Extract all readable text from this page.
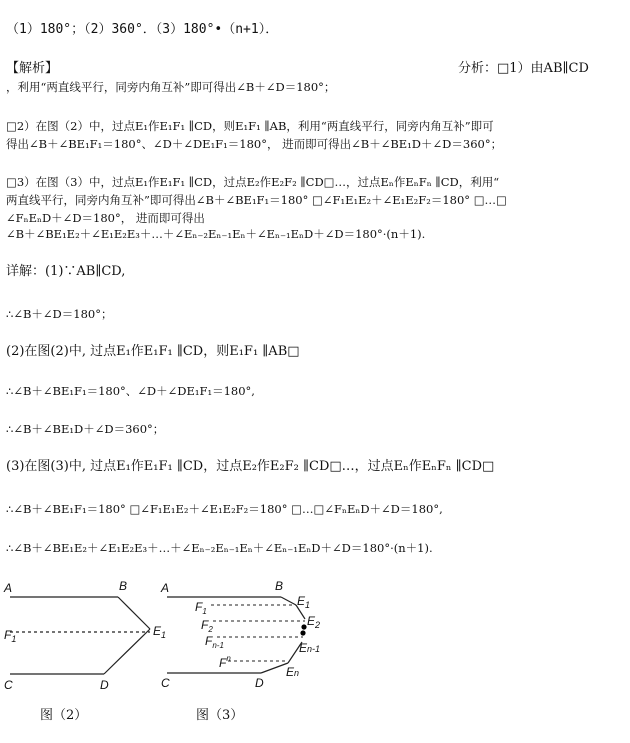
（1）180°；（2）360°．（3）180°•（n+1）．
【解析】	分析：□1）由AB∥CD
，利用“两直线平行，同旁内角互补”即可得出∠B＋∠D＝180°；
□2）在图（2）中，过点E₁作E₁F₁ ∥CD，则E₁F₁ ∥AB，利用“两直线平行，同旁内角互补”即可
得出∠B＋∠BE₁F₁＝180°、∠D＋∠DE₁F₁＝180°， 进而即可得出∠B＋∠BE₁D＋∠D＝360°；
□3）在图（3）中，过点E₁作E₁F₁ ∥CD，过点E₂作E₂F₂ ∥CD□…，过点Eₙ作EₙFₙ ∥CD，利用“
两直线平行，同旁内角互补”即可得出∠B＋∠BE₁F₁＝180° □∠F₁E₁E₂＋∠E₁E₂F₂＝180° □…□
∠FₙEₙD＋∠D＝180°， 进而即可得出
∠B＋∠BE₁E₂＋∠E₁E₂E₃＋…＋∠Eₙ₋₂Eₙ₋₁Eₙ＋∠Eₙ₋₁EₙD＋∠D＝180°·(n＋1).
详解：(1)∵AB∥CD,
∴∠B＋∠D＝180°；
(2)在图(2)中, 过点E₁作E₁F₁ ∥CD，则E₁F₁ ∥AB□
∴∠B＋∠BE₁F₁＝180°、∠D＋∠DE₁F₁＝180°,
∴∠B＋∠BE₁D＋∠D＝360°；
(3)在图(3)中, 过点E₁作E₁F₁ ∥CD，过点E₂作E₂F₂ ∥CD□…，过点Eₙ作EₙFₙ ∥CD□
∴∠B＋∠BE₁F₁＝180° □∠F₁E₁E₂＋∠E₁E₂F₂＝180° □…□∠FₙEₙD＋∠D＝180°,
∴∠B＋∠BE₁E₂＋∠E₁E₂E₃＋…＋∠Eₙ₋₂Eₙ₋₁Eₙ＋∠Eₙ₋₁EₙD＋∠D＝180°·(n＋1).
A	B
C	D
$F_1$
$E_1$
A	B
C	D
$F_1$
$F_2$
$F_{n-1}$
$F^n$
$E_1$
$E_2$
En-1
En
图（2）	图（3）
